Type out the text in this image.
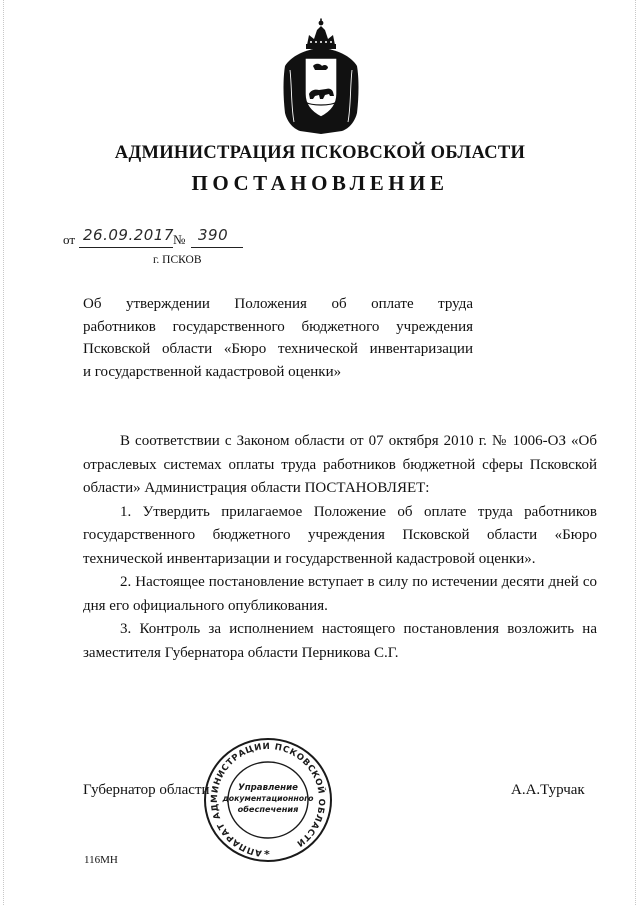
АДМИНИСТРАЦИЯ ПСКОВСКОЙ ОБЛАСТИ
ПОСТАНОВЛЕНИЕ
от 26.09.2017 № 390
г. ПСКОВ
Об утверждении Положения об оплате труда
работников государственного бюджетного учреждения
Псковской области «Бюро технической инвентаризации
и государственной кадастровой оценки»

В соответствии с Законом области от 07 октября 2010 г. № 1006-ОЗ «Об отраслевых системах оплаты труда работников бюджетной сферы Псковской области» Администрация области ПОСТАНОВЛЯЕТ:

1. Утвердить прилагаемое Положение об оплате труда работников государственного бюджетного учреждения Псковской области «Бюро технической инвентаризации и государственной кадастровой оценки».

2. Настоящее постановление вступает в силу по истечении десяти дней со дня его официального опубликования.

3. Контроль за исполнением настоящего постановления возложить на заместителя Губернатора области Перникова С.Г.

Губернатор области	А.А.Турчак
АППАРАТ АДМИНИСТРАЦИИ ПСКОВСКОЙ ОБЛАСТИ
Управление
документационного
обеспечения
*
116МН
